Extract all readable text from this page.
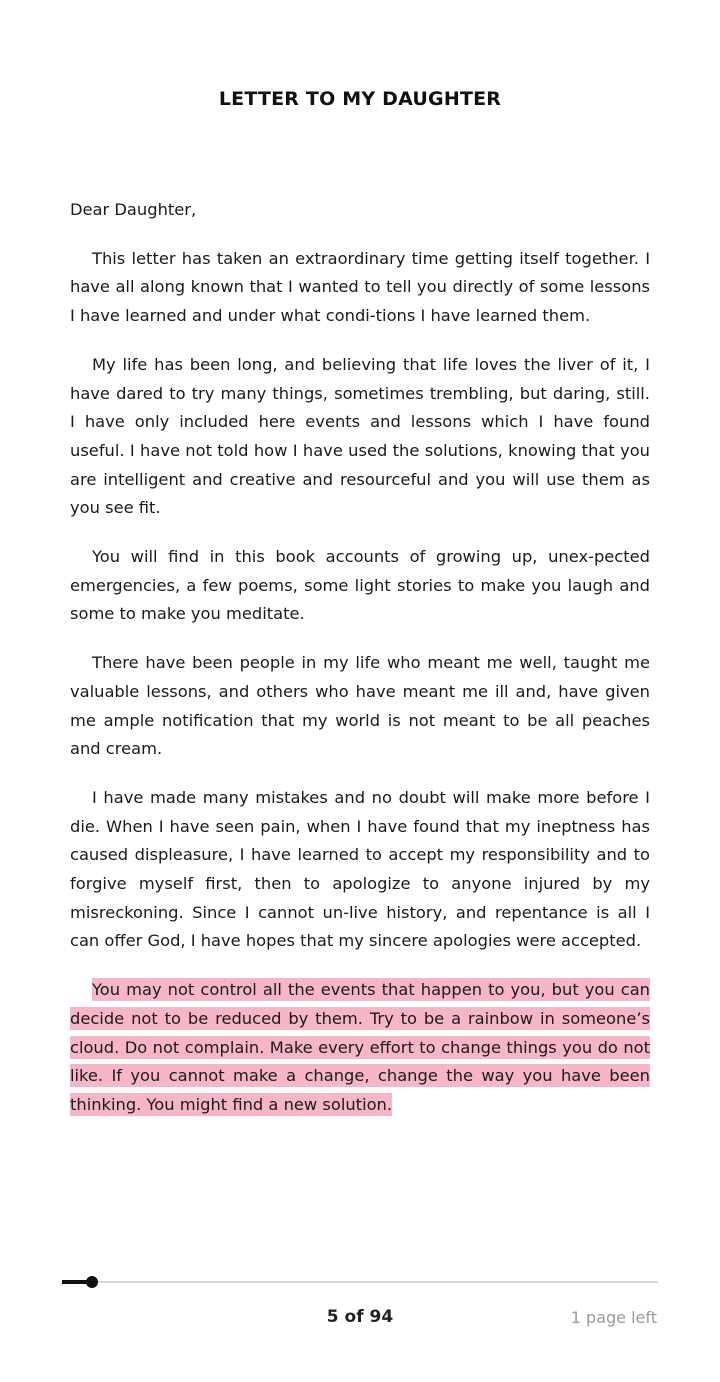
LETTER TO MY DAUGHTER

Dear Daughter,

This letter has taken an extraordinary time getting itself together. I have all along known that I wanted to tell you directly of some lessons I have learned and under what condi-tions I have learned them.

My life has been long, and believing that life loves the liver of it, I have dared to try many things, sometimes trembling, but daring, still. I have only included here events and lessons which I have found useful. I have not told how I have used the solutions, knowing that you are intelligent and creative and resourceful and you will use them as you see fit.

You will find in this book accounts of growing up, unex-pected emergencies, a few poems, some light stories to make you laugh and some to make you meditate.

There have been people in my life who meant me well, taught me valuable lessons, and others who have meant me ill and, have given me ample notification that my world is not meant to be all peaches and cream.

I have made many mistakes and no doubt will make more before I die. When I have seen pain, when I have found that my ineptness has caused displeasure, I have learned to accept my responsibility and to forgive myself first, then to apologize to anyone injured by my misreckoning. Since I cannot un-live history, and repentance is all I can offer God, I have hopes that my sincere apologies were accepted.

You may not control all the events that happen to you, but you can decide not to be reduced by them. Try to be a rainbow in someone’s cloud. Do not complain. Make every effort to change things you do not like. If you cannot make a change, change the way you have been thinking. You might find a new solution.

5 of 94	1 page left
